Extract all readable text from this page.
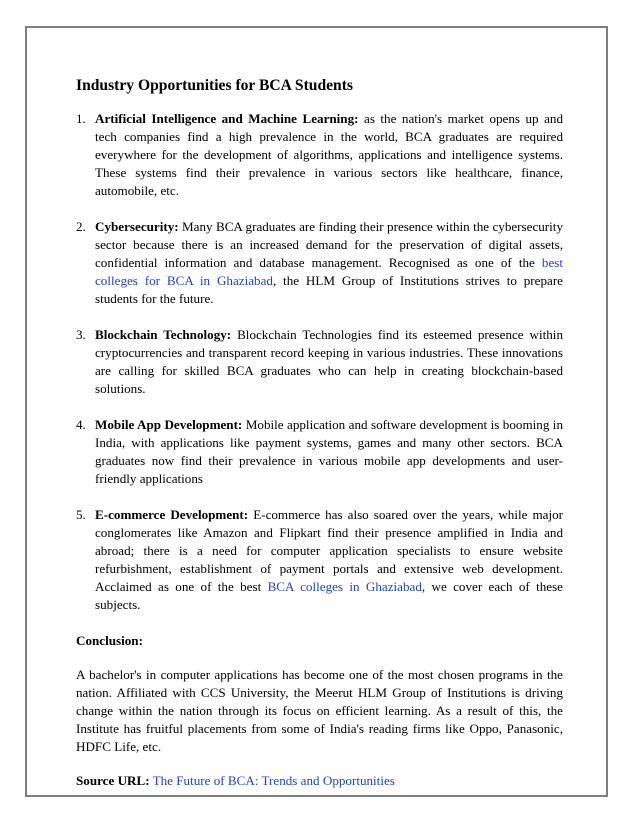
Industry Opportunities for BCA Students
1. Artificial Intelligence and Machine Learning: as the nation's market opens up and tech companies find a high prevalence in the world, BCA graduates are required everywhere for the development of algorithms, applications and intelligence systems. These systems find their prevalence in various sectors like healthcare, finance, automobile, etc.
2. Cybersecurity: Many BCA graduates are finding their presence within the cybersecurity sector because there is an increased demand for the preservation of digital assets, confidential information and database management. Recognised as one of the best colleges for BCA in Ghaziabad, the HLM Group of Institutions strives to prepare students for the future.
3. Blockchain Technology: Blockchain Technologies find its esteemed presence within cryptocurrencies and transparent record keeping in various industries. These innovations are calling for skilled BCA graduates who can help in creating blockchain-based solutions.
4. Mobile App Development: Mobile application and software development is booming in India, with applications like payment systems, games and many other sectors. BCA graduates now find their prevalence in various mobile app developments and user-friendly applications
5. E-commerce Development: E-commerce has also soared over the years, while major conglomerates like Amazon and Flipkart find their presence amplified in India and abroad; there is a need for computer application specialists to ensure website refurbishment, establishment of payment portals and extensive web development. Acclaimed as one of the best BCA colleges in Ghaziabad, we cover each of these subjects.

Conclusion:

A bachelor's in computer applications has become one of the most chosen programs in the nation. Affiliated with CCS University, the Meerut HLM Group of Institutions is driving change within the nation through its focus on efficient learning. As a result of this, the Institute has fruitful placements from some of India's reading firms like Oppo, Panasonic, HDFC Life, etc.

Source URL: The Future of BCA: Trends and Opportunities
